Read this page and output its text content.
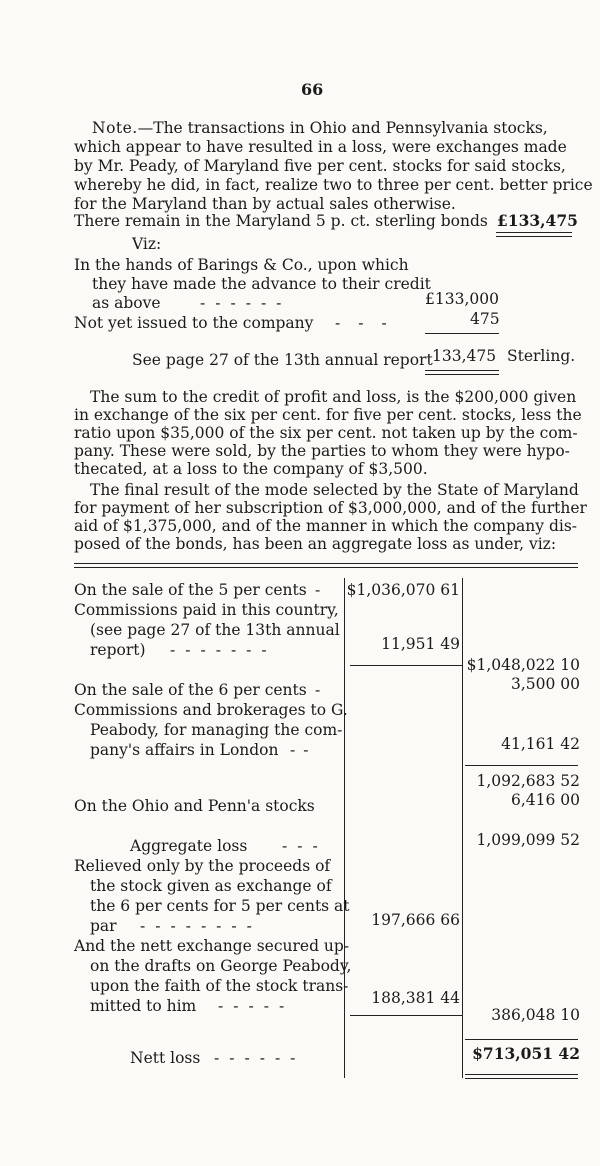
66
Note.—The transactions in Ohio and Pennsylvania stocks,
which appear to have resulted in a loss, were exchanges made
by Mr. Peady, of Maryland five per cent. stocks for said stocks,
whereby he did, in fact, realize two to three per cent. better price
for the Maryland than by actual sales otherwise.
There remain in the Maryland 5 p. ct. sterling bonds £133,475
Viz:
In the hands of Barings & Co., upon which
they have made the advance to their credit
as above	------	£133,000
Not yet issued to the company ---	475
See page 27 of the 13th annual report 133,475 Sterling.
The sum to the credit of profit and loss, is the $200,000 given
in exchange of the six per cent. for five per cent. stocks, less the
ratio upon $35,000 of the six per cent. not taken up by the com-
pany. These were sold, by the parties to whom they were hypo-
thecated, at a loss to the company of $3,500.
The final result of the mode selected by the State of Maryland
for payment of her subscription of $3,000,000, and of the further
aid of $1,375,000, and of the manner in which the company dis-
posed of the bonds, has been an aggregate loss as under, viz:
On the sale of the 5 per cents - $1,036,070 61
Commissions paid in this country,
(see page 27 of the 13th annual
report) -------	11,951 49
$1,048,022 10
On the sale of the 6 per cents -	3,500 00
Commissions and brokerages to G.
Peabody, for managing the com-
pany's affairs in London --	41,161 42
1,092,683 52
On the Ohio and Penn'a stocks	6,416 00
Aggregate loss ---	1,099,099 52
Relieved only by the proceeds of
the stock given as exchange of
the 6 per cents for 5 per cents at
par --------	197,666 66
And the nett exchange secured up-
on the drafts on George Peabody,
upon the faith of the stock trans-
mitted to him -----	188,381 44
386,048 10
Nett loss ------	$713,051 42
